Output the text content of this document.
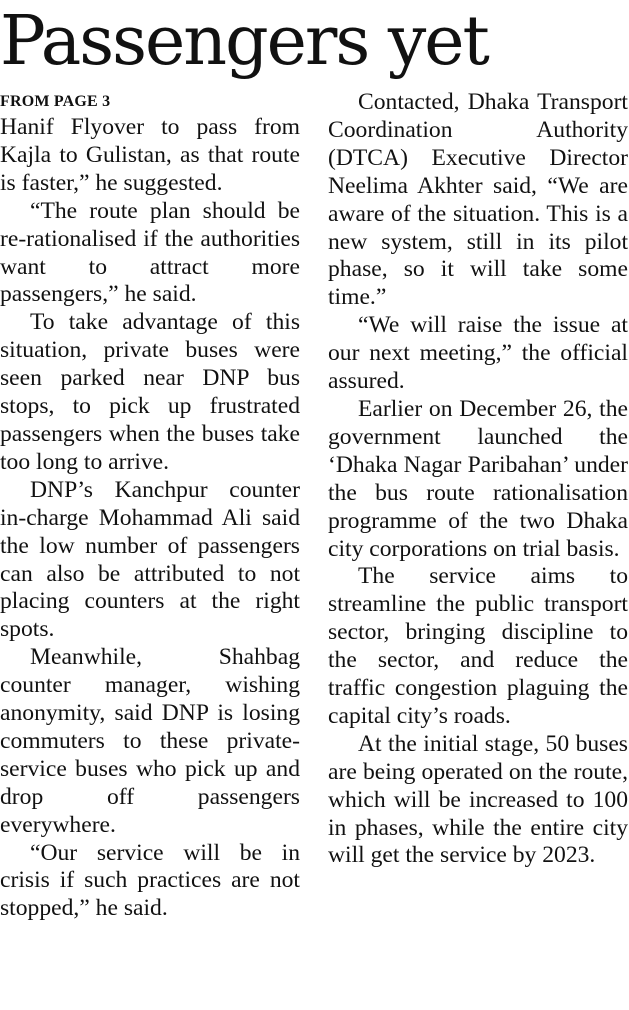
Passengers yet
FROM PAGE 3

Hanif Flyover to pass from Kajla to Gulistan, as that route is faster,” he suggested.

“The route plan should be re-rationalised if the authorities want to attract more passengers,” he said.

To take advantage of this situation, private buses were seen parked near DNP bus stops, to pick up frustrated passengers when the buses take too long to arrive.

DNP’s Kanchpur counter in-charge Mohammad Ali said the low number of passengers can also be attributed to not placing counters at the right spots.

Meanwhile, Shahbag counter manager, wishing anonymity, said DNP is losing commuters to these private-service buses who pick up and drop off passengers everywhere.

“Our service will be in crisis if such practices are not stopped,” he said.

Contacted, Dhaka Transport Coordination Authority (DTCA) Executive Director Neelima Akhter said, “We are aware of the situation. This is a new system, still in its pilot phase, so it will take some time.”

“We will raise the issue at our next meeting,” the official assured.

Earlier on December 26, the government launched the ‘Dhaka Nagar Paribahan’ under the bus route rationalisation programme of the two Dhaka city corporations on trial basis.

The service aims to streamline the public transport sector, bringing discipline to the sector, and reduce the traffic congestion plaguing the capital city’s roads.

At the initial stage, 50 buses are being operated on the route, which will be increased to 100 in phases, while the entire city will get the service by 2023.
